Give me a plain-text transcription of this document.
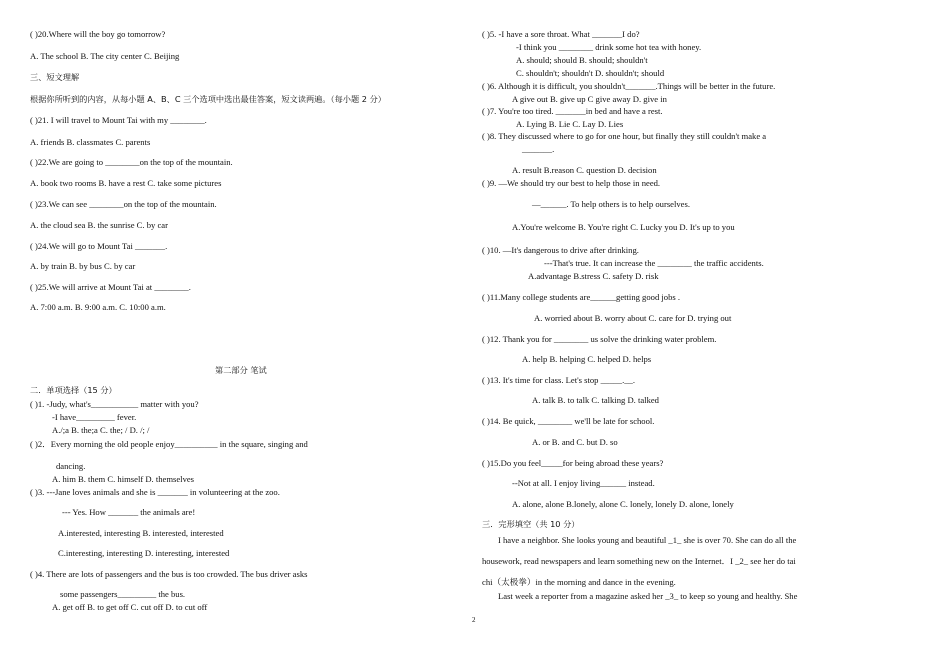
( )20.Where will the boy go tomorrow?
A. The school B. The city center C. Beijing
三、短文理解
根据你所听到的内容，从每小题 A、B、C 三个选项中选出最佳答案，短文读两遍。（每小题 2 分）
( )21. I will travel to Mount Tai with my ________.
A. friends B. classmates C. parents
( )22.We are going to ________on the top of the mountain.
A. book two rooms B. have a rest C. take some pictures
( )23.We can see ________on the top of the mountain.
A. the cloud sea B. the sunrise C. by car
( )24.We will go to Mount Tai _______.
A. by train B. by bus C. by car
( )25.We will arrive at Mount Tai at ________.
A. 7:00 a.m. B. 9:00 a.m. C. 10:00 a.m.
第二部分 笔试
二．单项选择（15 分）
( )1. -Judy, what's___________ matter with you?
-I have_________ fever.
A./;a B. the;a C. the; / D. /; /
( )2．Every morning the old people enjoy__________ in the square, singing and
dancing.
A. him B. them C. himself D. themselves
( )3. ---Jane loves animals and she is _______ in volunteering at the zoo.
--- Yes. How _______ the animals are!
A.interested, interesting B. interested, interested
C.interesting, interesting D. interesting, interested
( )4. There are lots of passengers and the bus is too crowded. The bus driver asks
some passengers_________ the bus.
A. get off B. to get off C. cut off D. to cut off
( )5. -I have a sore throat. What _______I do?
-I think you ________ drink some hot tea with honey.
A. should; should B. should; shouldn't
C. shouldn't; shouldn't D. shouldn't; should
( )6. Although it is difficult, you shouldn't_______.Things will be better in the future.
A give out B. give up C give away D. give in
( )7. You're too tired. _______in bed and have a rest.
A. Lying B. Lie C. Lay D. Lies
( )8. They discussed where to go for one hour, but finally they still couldn't make a
_______.
A. result B.reason C. question D. decision
( )9. —We should try our best to help those in need.
—______. To help others is to help ourselves.
A.You're welcome B. You're right C. Lucky you D. It's up to you
( )10. —It's dangerous to drive after drinking.
---That's true. It can increase the ________ the traffic accidents.
A.advantage B.stress C. safety D. risk
( )11.Many college students are______getting good jobs .
A. worried about B. worry about C. care for D. trying out
( )12. Thank you for ________ us solve the drinking water problem.
A. help B. helping C. helped D. helps
( )13. It's time for class. Let's stop _____.__.
A. talk B. to talk C. talking D. talked
( )14. Be quick, ________ we'll be late for school.
A. or B. and C. but D. so
( )15.Do you feel_____for being abroad these years?
--Not at all. I enjoy living______ instead.
A. alone, alone B.lonely, alone C. lonely, lonely D. alone, lonely
三．完形填空（共 10 分）
I have a neighbor. She looks young and beautiful _1_ she is over 70. She can do all the
housework, read newspapers and learn something new on the Internet．I _2_ see her do tai
chi（太极拳）in the morning and dance in the evening.
Last week a reporter from a magazine asked her _3_ to keep so young and healthy. She
2
